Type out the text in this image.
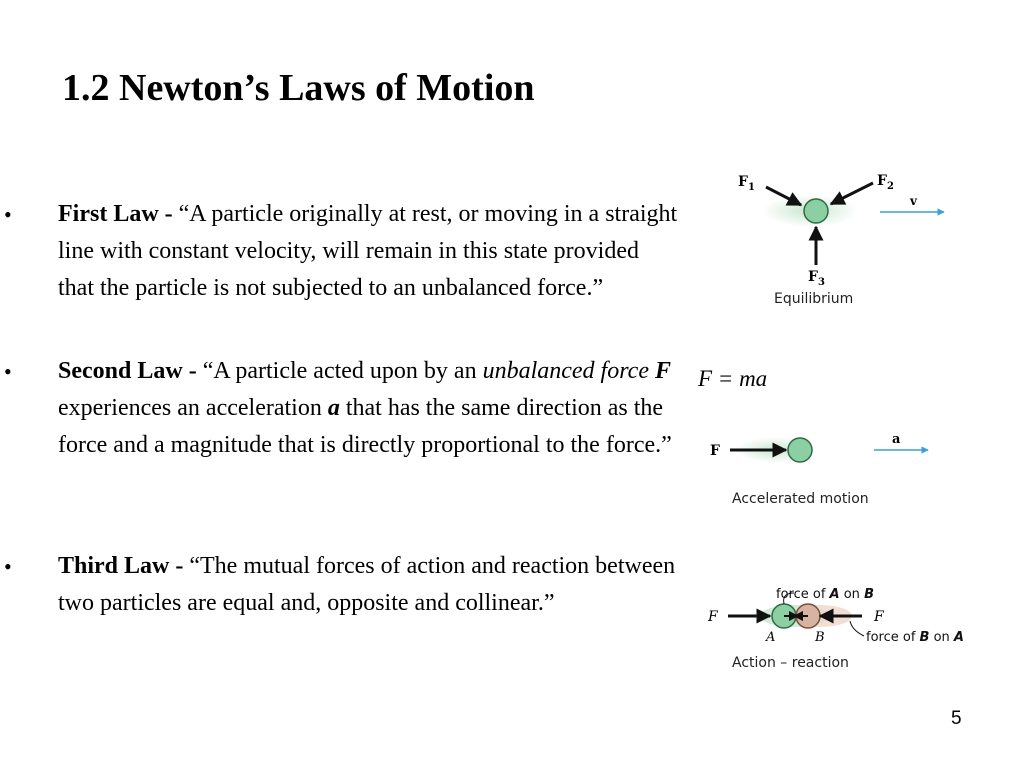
1.2 Newton’s Laws of Motion
• First Law - “A particle originally at rest, or moving in a straight line with constant velocity, will remain in this state provided that the particle is not subjected to an unbalanced force.”
• Second Law - “A particle acted upon by an unbalanced force F experiences an acceleration a that has the same direction as the force and a magnitude that is directly proportional to the force.”
• Third Law - “The mutual forces of action and reaction between two particles are equal and, opposite and collinear.”
$F_1$	$F_2$
$F_3$
v
Equilibrium
F = ma
F
a
Accelerated motion
F	F
A	B
force of A on B
force of B on A
Action – reaction
5
